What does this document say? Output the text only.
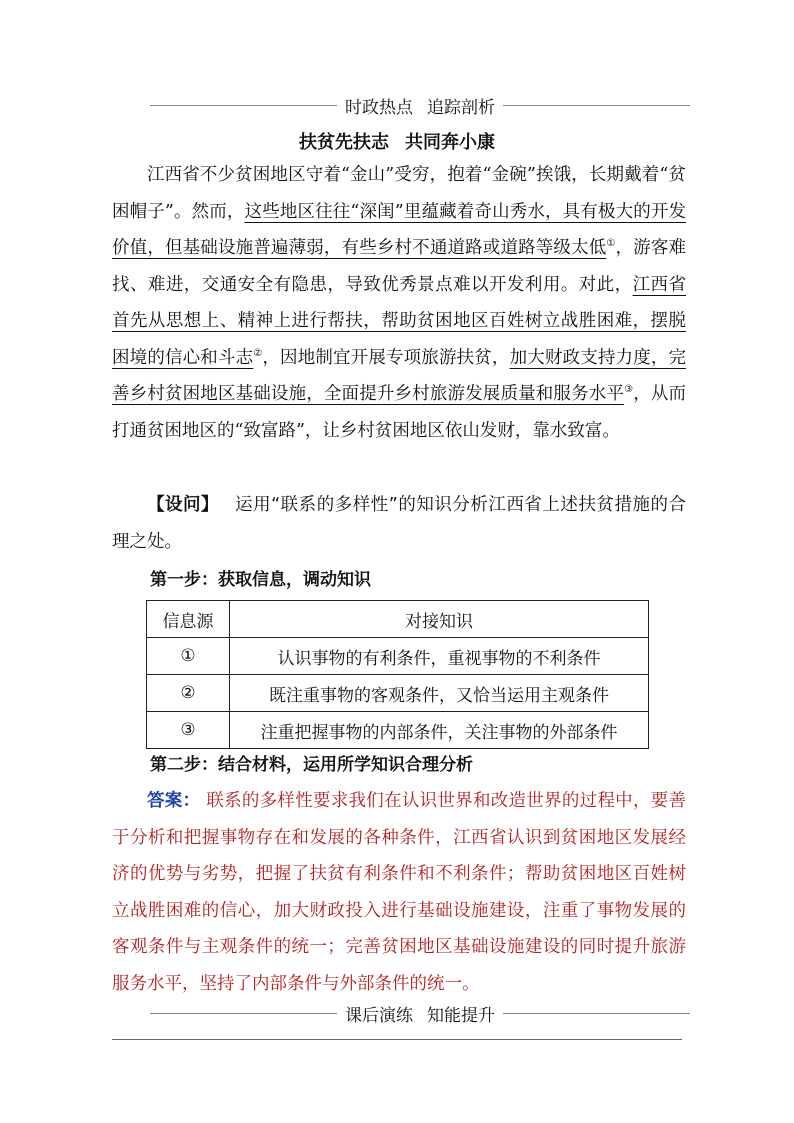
时政热点 追踪剖析
扶贫先扶志 共同奔小康

江西省不少贫困地区守着“金山”受穷，抱着“金碗”挨饿，长期戴着“贫困帽子”。然而，这些地区往往“深闺”里蕴藏着奇山秀水，具有极大的开发价值，但基础设施普遍薄弱，有些乡村不通道路或道路等级太低①，游客难找、难进，交通安全有隐患，导致优秀景点难以开发利用。对此，江西省首先从思想上、精神上进行帮扶，帮助贫困地区百姓树立战胜困难，摆脱困境的信心和斗志②，因地制宜开展专项旅游扶贫，加大财政支持力度，完善乡村贫困地区基础设施，全面提升乡村旅游发展质量和服务水平③，从而打通贫困地区的“致富路”，让乡村贫困地区依山发财，靠水致富。

【设问】 运用“联系的多样性”的知识分析江西省上述扶贫措施的合理之处。

第一步：获取信息，调动知识
信息源	对接知识
①	认识事物的有利条件，重视事物的不利条件
②	既注重事物的客观条件，又恰当运用主观条件
③	注重把握事物的内部条件，关注事物的外部条件
第二步：结合材料，运用所学知识合理分析

答案： 联系的多样性要求我们在认识世界和改造世界的过程中，要善于分析和把握事物存在和发展的各种条件，江西省认识到贫困地区发展经济的优势与劣势，把握了扶贫有利条件和不利条件；帮助贫困地区百姓树立战胜困难的信心，加大财政投入进行基础设施建设，注重了事物发展的客观条件与主观条件的统一；完善贫困地区基础设施建设的同时提升旅游服务水平，坚持了内部条件与外部条件的统一。

课后演练 知能提升
